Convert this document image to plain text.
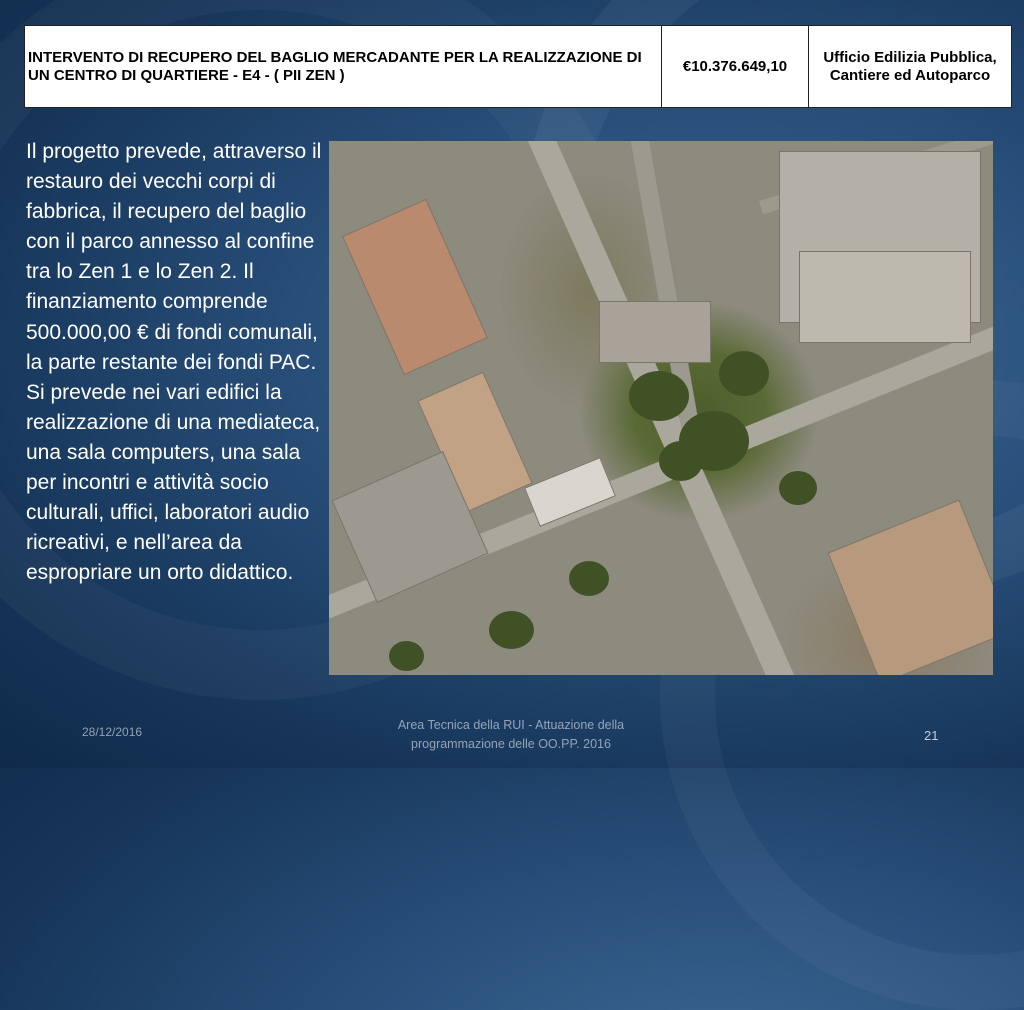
INTERVENTO DI RECUPERO DEL BAGLIO MERCADANTE PER LA REALIZZAZIONE DI UN CENTRO DI QUARTIERE - E4 - ( PII ZEN )	€10.376.649,10	Ufficio Edilizia Pubblica, Cantiere ed Autoparco

Il progetto prevede, attraverso il restauro dei vecchi corpi di fabbrica, il recupero del baglio con il parco annesso al confine tra lo Zen 1 e lo Zen 2. Il finanziamento comprende 500.000,00 € di fondi comunali, la parte restante dei fondi PAC. Si prevede nei vari edifici la realizzazione di una mediateca, una sala computers, una sala per incontri e attività socio culturali, uffici, laboratori audio ricreativi, e nell’area da espropriare un orto didattico.

28/12/2016	Area Tecnica della RUI - Attuazione della programmazione delle OO.PP. 2016

21
